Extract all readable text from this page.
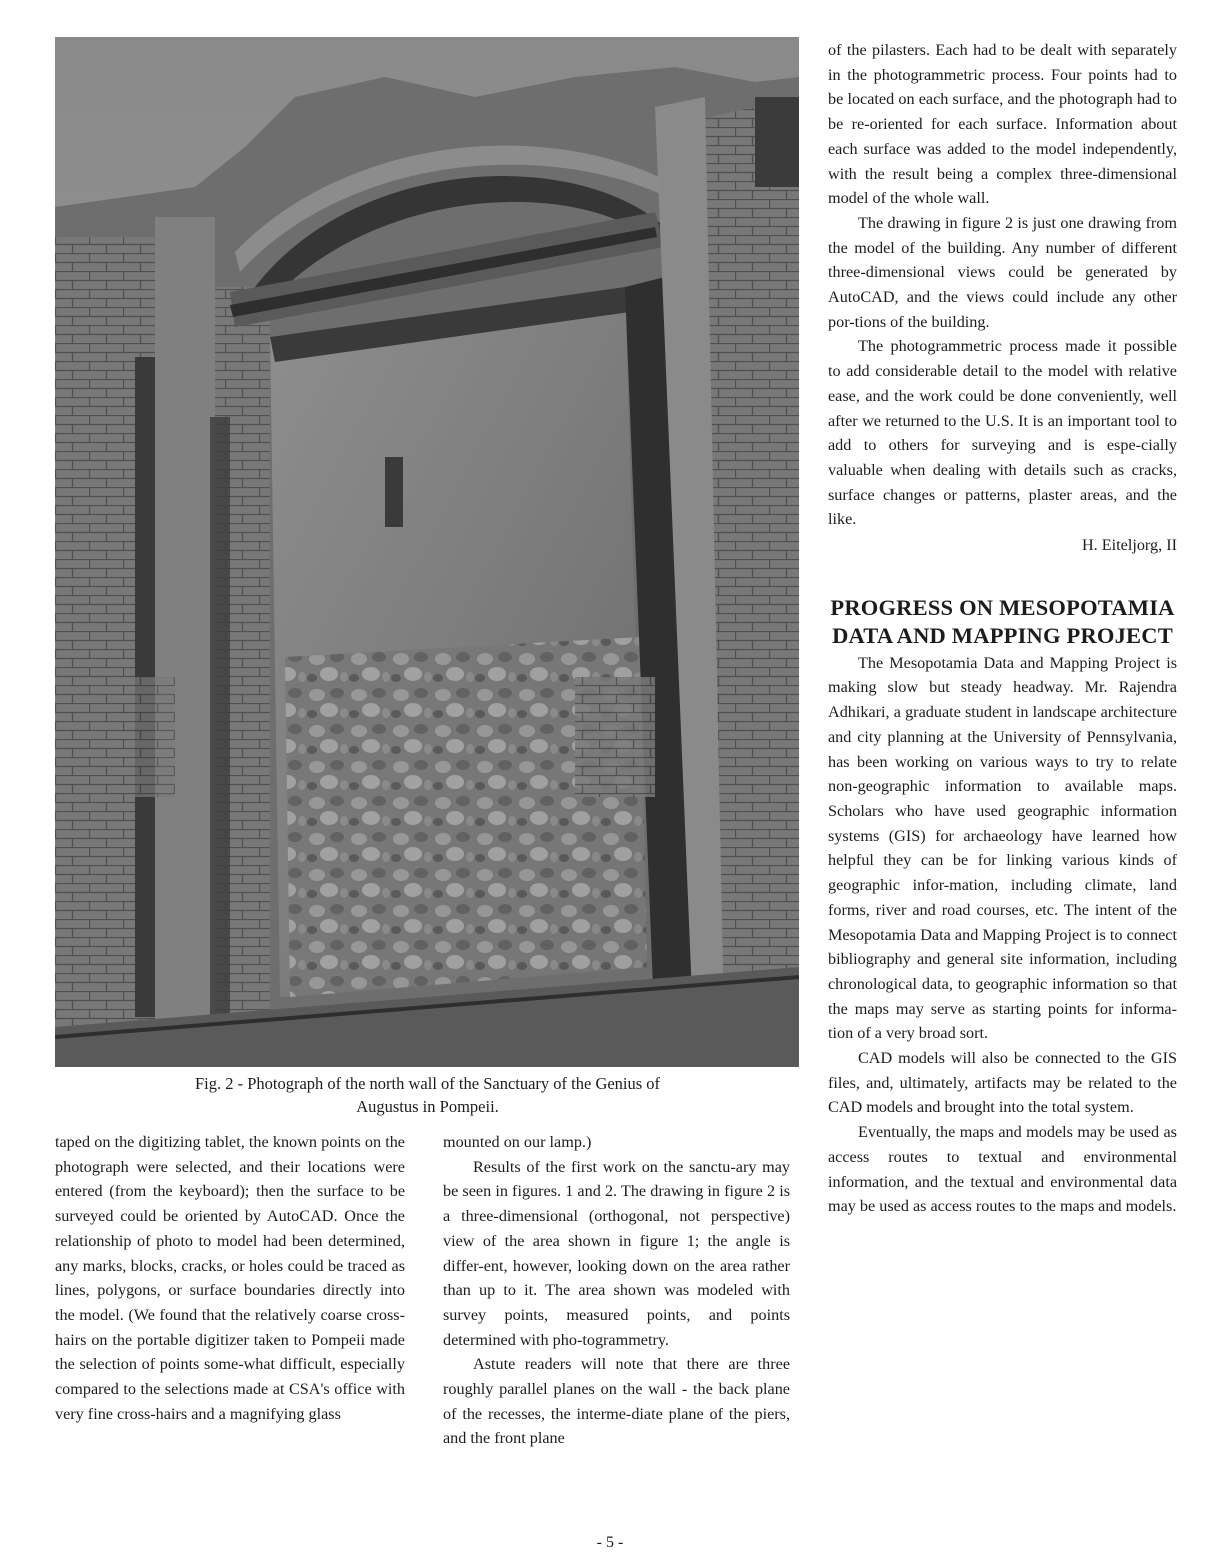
Fig. 2 - Photograph of the north wall of the Sanctuary of the Genius of
Augustus in Pompeii.

taped on the digitizing tablet, the known points on the photograph were selected, and their locations were entered (from the keyboard); then the surface to be surveyed could be oriented by AutoCAD. Once the relationship of photo to model had been determined, any marks, blocks, cracks, or holes could be traced as lines, polygons, or surface boundaries directly into the model. (We found that the relatively coarse cross-hairs on the portable digitizer taken to Pompeii made the selection of points some-what difficult, especially compared to the selections made at CSA's office with very fine cross-hairs and a magnifying glass

mounted on our lamp.)

Results of the first work on the sanctu-ary may be seen in figures. 1 and 2. The drawing in figure 2 is a three-dimensional (orthogonal, not perspective) view of the area shown in figure 1; the angle is differ-ent, however, looking down on the area rather than up to it. The area shown was modeled with survey points, measured points, and points determined with pho-togrammetry.

Astute readers will note that there are three roughly parallel planes on the wall - the back plane of the recesses, the interme-diate plane of the piers, and the front plane

of the pilasters. Each had to be dealt with separately in the photogrammetric process. Four points had to be located on each surface, and the photograph had to be re-oriented for each surface. Information about each surface was added to the model independently, with the result being a complex three-dimensional model of the whole wall.

The drawing in figure 2 is just one drawing from the model of the building. Any number of different three-dimensional views could be generated by AutoCAD, and the views could include any other por-tions of the building.

The photogrammetric process made it possible to add considerable detail to the model with relative ease, and the work could be done conveniently, well after we returned to the U.S. It is an important tool to add to others for surveying and is espe-cially valuable when dealing with details such as cracks, surface changes or patterns, plaster areas, and the like.

H. Eiteljorg, II

PROGRESS ON MESOPOTAMIA DATA AND MAPPING PROJECT

The Mesopotamia Data and Mapping Project is making slow but steady headway. Mr. Rajendra Adhikari, a graduate student in landscape architecture and city planning at the University of Pennsylvania, has been working on various ways to try to relate non-geographic information to available maps. Scholars who have used geographic information systems (GIS) for archaeology have learned how helpful they can be for linking various kinds of geographic infor-mation, including climate, land forms, river and road courses, etc. The intent of the Mesopotamia Data and Mapping Project is to connect bibliography and general site information, including chronological data, to geographic information so that the maps may serve as starting points for informa-tion of a very broad sort.

CAD models will also be connected to the GIS files, and, ultimately, artifacts may be related to the CAD models and brought into the total system.

Eventually, the maps and models may be used as access routes to textual and environmental information, and the textual and environmental data may be used as access routes to the maps and models.

- 5 -
